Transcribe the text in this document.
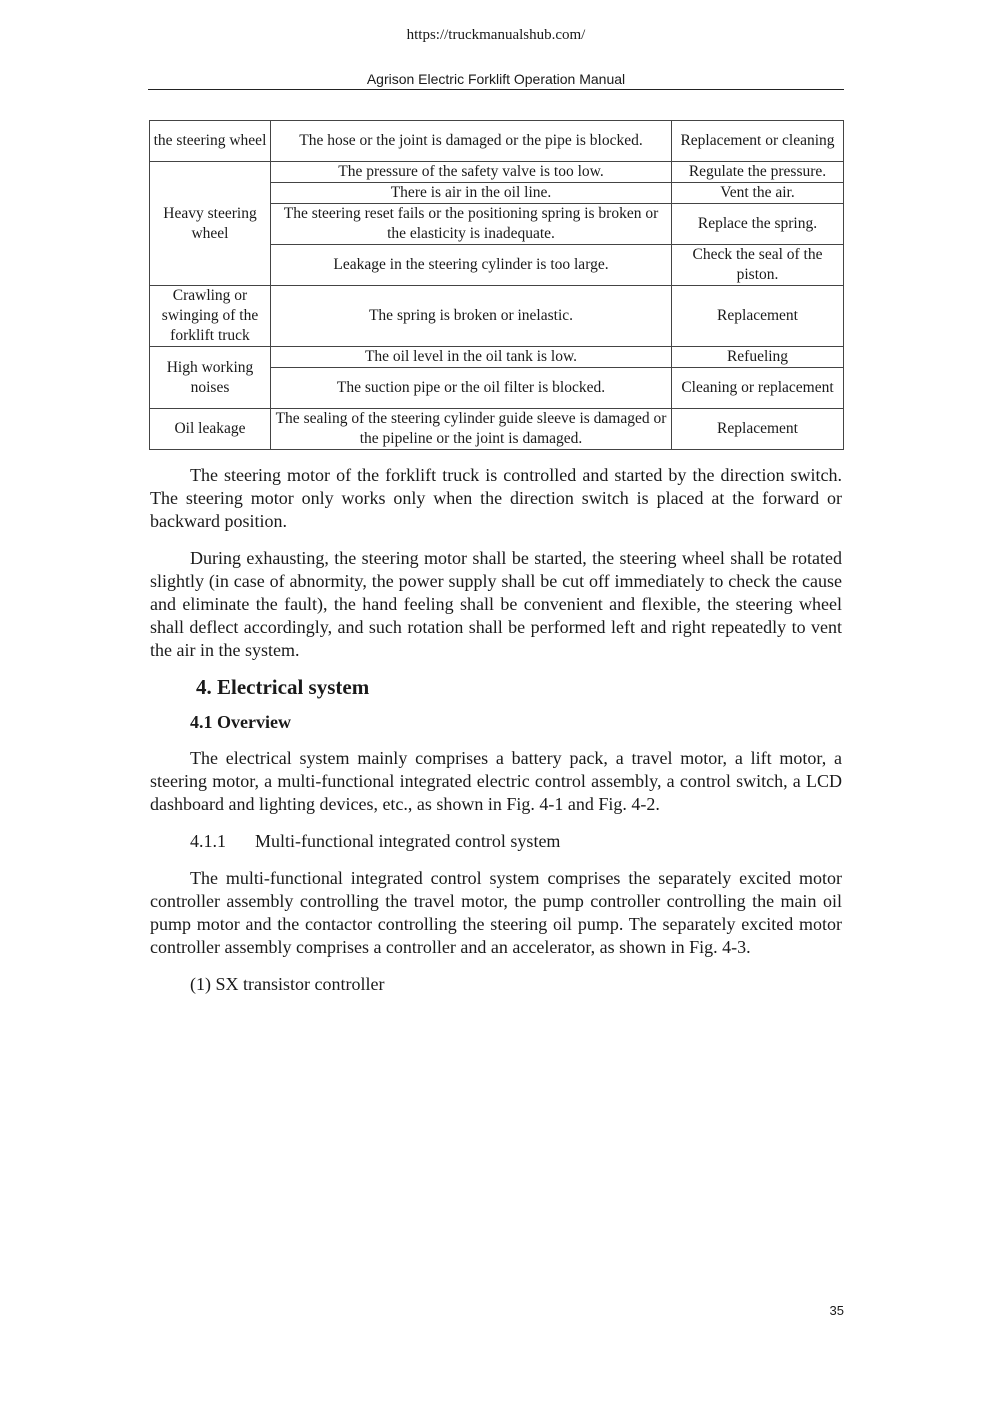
https://truckmanualshub.com/
Agrison Electric Forklift Operation Manual
the steering wheel	The hose or the joint is damaged or the pipe is blocked.	Replacement or cleaning
Heavy steering wheel	The pressure of the safety valve is too low.	Regulate the pressure.
	There is air in the oil line.	Vent the air.
	The steering reset fails or the positioning spring is broken or the elasticity is inadequate.	Replace the spring.
	Leakage in the steering cylinder is too large.	Check the seal of the piston.
Crawling or swinging of the forklift truck	The spring is broken or inelastic.	Replacement
High working noises	The oil level in the oil tank is low.	Refueling
	The suction pipe or the oil filter is blocked.	Cleaning or replacement
Oil leakage	The sealing of the steering cylinder guide sleeve is damaged or the pipeline or the joint is damaged.	Replacement

The steering motor of the forklift truck is controlled and started by the direction switch. The steering motor only works only when the direction switch is placed at the forward or backward position.

During exhausting, the steering motor shall be started, the steering wheel shall be rotated slightly (in case of abnormity, the power supply shall be cut off immediately to check the cause and eliminate the fault), the hand feeling shall be convenient and flexible, the steering wheel shall deflect accordingly, and such rotation shall be performed left and right repeatedly to vent the air in the system.

4. Electrical system
4.1 Overview

The electrical system mainly comprises a battery pack, a travel motor, a lift motor, a steering motor, a multi-functional integrated electric control assembly, a control switch, a LCD dashboard and lighting devices, etc., as shown in Fig. 4-1 and Fig. 4-2.

4.1.1 Multi-functional integrated control system

The multi-functional integrated control system comprises the separately excited motor controller assembly controlling the travel motor, the pump controller controlling the main oil pump motor and the contactor controlling the steering oil pump. The separately excited motor controller assembly comprises a controller and an accelerator, as shown in Fig. 4-3.

(1) SX transistor controller

35
